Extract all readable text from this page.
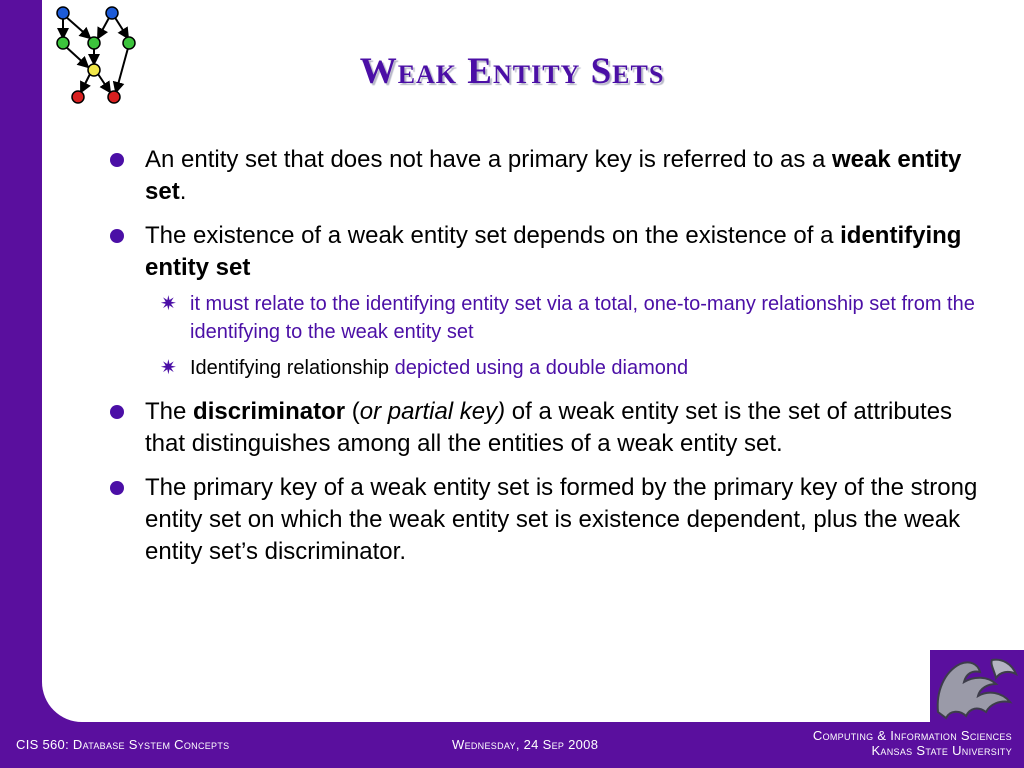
Weak Entity Sets
An entity set that does not have a primary key is referred to as a weak entity set.
The existence of a weak entity set depends on the existence of a identifying entity set
✷ it must relate to the identifying entity set via a total, one-to-many relationship set from the identifying to the weak entity set
✷ Identifying relationship depicted using a double diamond
The discriminator (or partial key) of a weak entity set is the set of attributes that distinguishes among all the entities of a weak entity set.
The primary key of a weak entity set is formed by the primary key of the strong entity set on which the weak entity set is existence dependent, plus the weak entity set’s discriminator.
CIS 560: Database System Concepts	Wednesday, 24 Sep 2008
Computing & Information Sciences
Kansas State University
